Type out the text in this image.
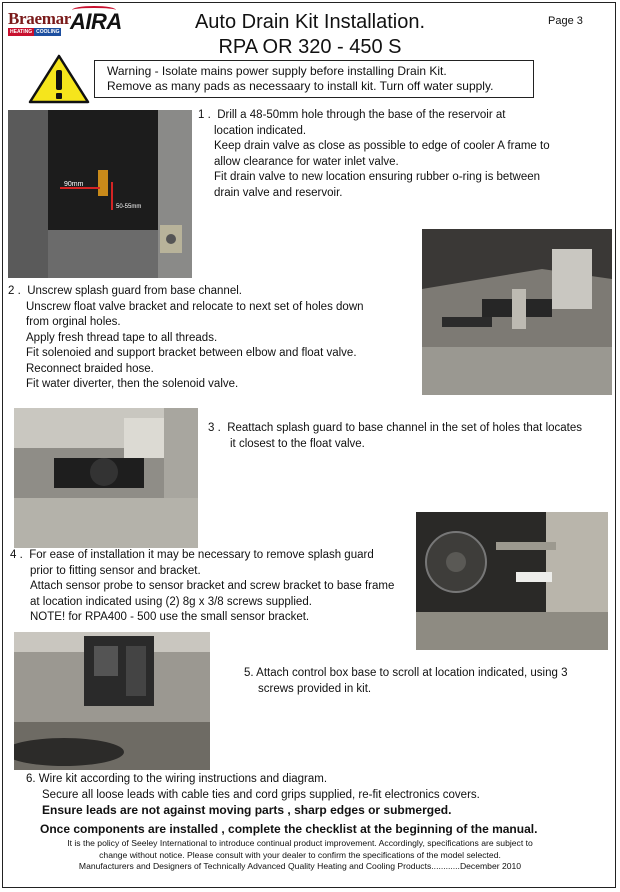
Braemar
HEATING COOLING AIRA	Auto Drain Kit Installation.
RPA OR 320 - 450 S
Page 3
Warning - Isolate mains power supply before installing Drain Kit.
Remove as many pads as necessaary to install kit. Turn off water supply.
90mm
50-55mm

1 . Drill a 48-50mm hole through the base of the reservoir at

location indicated.

Keep drain valve as close as possible to edge of cooler A frame to

allow clearance for water inlet valve.

Fit drain valve to new location ensuring rubber o-ring is between

drain valve and reservoir.

2 . Unscrew splash guard from base channel.

Unscrew float valve bracket and relocate to next set of holes down

from orginal holes.

Apply fresh thread tape to all threads.

Fit solenoied and support bracket between elbow and float valve.

Reconnect braided hose.

Fit water diverter, then the solenoid valve.

3 . Reattach splash guard to base channel in the set of holes that locates

it closest to the float valve.

4 . For ease of installation it may be necessary to remove splash guard

prior to fitting sensor and bracket.

Attach sensor probe to sensor bracket and screw bracket to base frame

at location indicated using (2) 8g x 3/8 screws supplied.

NOTE! for RPA400 - 500 use the small sensor bracket.

5. Attach control box base to scroll at location indicated, using 3

screws provided in kit.

6. Wire kit according to the wiring instructions and diagram.

Secure all loose leads with cable ties and cord grips supplied, re-fit electronics covers.

Ensure leads are not against moving parts , sharp edges or submerged.

Once components are installed , complete the checklist at the beginning of the manual.

It is the policy of Seeley International to introduce continual product improvement. Accordingly, specifications are subject to
change without notice. Please consult with your dealer to confirm the specifications of the model selected.
Manufacturers and Designers of Technically Advanced Quality Heating and Cooling Products............December 2010
